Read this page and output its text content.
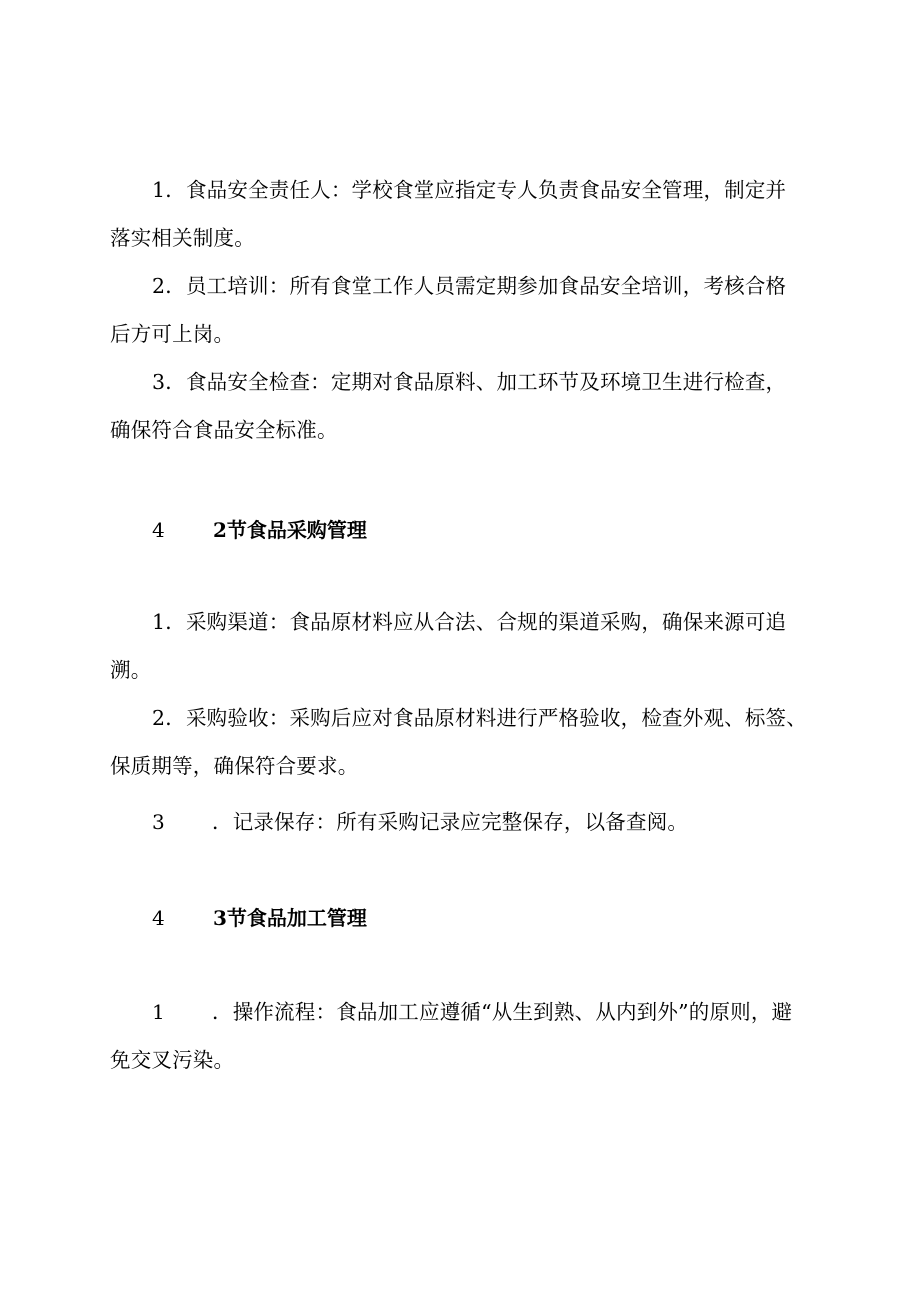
1．食品安全责任人：学校食堂应指定专人负责食品安全管理，制定并
落实相关制度。
2．员工培训：所有食堂工作人员需定期参加食品安全培训，考核合格
后方可上岗。
3．食品安全检查：定期对食品原料、加工环节及环境卫生进行检查，
确保符合食品安全标准。
4 2节食品采购管理
1．采购渠道：食品原材料应从合法、合规的渠道采购，确保来源可追
溯。
2．采购验收：采购后应对食品原材料进行严格验收，检查外观、标签、
保质期等，确保符合要求。
3 ．记录保存：所有采购记录应完整保存，以备查阅。
4 3节食品加工管理
1 ．操作流程：食品加工应遵循“从生到熟、从内到外”的原则，避
免交叉污染。
